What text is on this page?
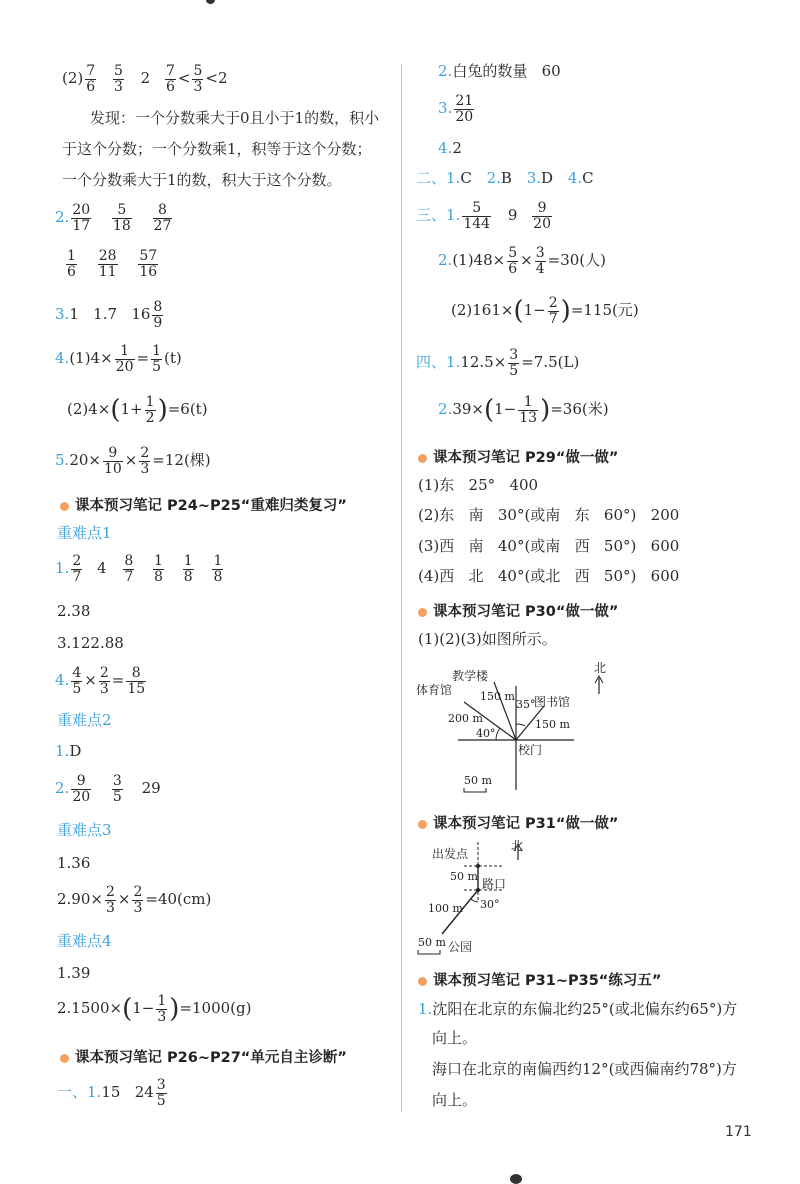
$(2) \frac{7}{6}$
$\frac{5}{3} 2 \frac{7}{6} < \frac{5}{3} <2$
发现：一个分数乘大于0且小于1的数，积小
于这个分数；一个分数乘1，积等于这个分数；
一个分数乘大于1的数，积大于这个分数。
2. $\frac{20}{17}$
$\frac{5}{18}$
$\frac{8}{27}$
$\frac{1}{6}$
$\frac{28}{11}$
$\frac{57}{16}$
3.1   1.7   $16 \frac{8}{9}$
$4.(1)4\times \frac{1}{20} = \frac{1}{5} (t)$
$(2)4\times(1+ \frac{1}{2} )=6(t)$
$5.20\times \frac{9}{10} \times \frac{2}{3} =12$(棵)
课本预习笔记 P24~P25“重难归类复习”
重难点1
1. $\frac{2}{7} 4 \frac{8}{7}$
$\frac{1}{8}$
$\frac{1}{8}$
$\frac{1}{8}$
2.38
3.122.88
4. $\frac{4}{5} \times \frac{2}{3} = \frac{8}{15}$
重难点2
1.D
2. $\frac{9}{20}$
$\frac{3}{5} 29$
重难点3
1.36
$2.90\times \frac{2}{3} \times \frac{2}{3} =40(cm)$
重难点4
1.39
$2.1500\times(1- \frac{1}{3} )=1000(g)$
课本预习笔记 P26~P27“单元自主诊断”
一、1.15   $24 \frac{3}{5}$
2.白兔的数量   60
3. $\frac{21}{20}$
4.2
二、1.C 2.B 3.D 4.C
三、1. $\frac{5}{144} 9 \frac{9}{20}$
$2.(1)48\times \frac{5}{6} \times \frac{3}{4} =30$(人)
$(2)161\times(1- \frac{2}{7} )=115$(元)
四、$1.12.5\times \frac{3}{5} =7.5(L)$
$2.39\times(1- \frac{1}{13} )=36$(米)
课本预习笔记 P29“做一做”
(1)东   25°   400
(2)东   南   30°(或南   东   60°)   200
(3)西   南   40°(或南   西   50°)   600
(4)西   北   40°(或北   西   50°)   600
课本预习笔记 P30“做一做”
(1)(2)(3)如图所示。
北
教学楼
体育馆
图书馆
150 m
200 m	150 m
35°
40°
校门
50 m
课本预习笔记 P31“做一做”
北
出发点
50 m
路口
100 m 30°
50 m 公园
课本预习笔记 P31~P35“练习五”
1.沈阳在北京的东偏北约25°(或北偏东约65°)方
向上。
海口在北京的南偏西约12°(或西偏南约78°)方
向上。
171
